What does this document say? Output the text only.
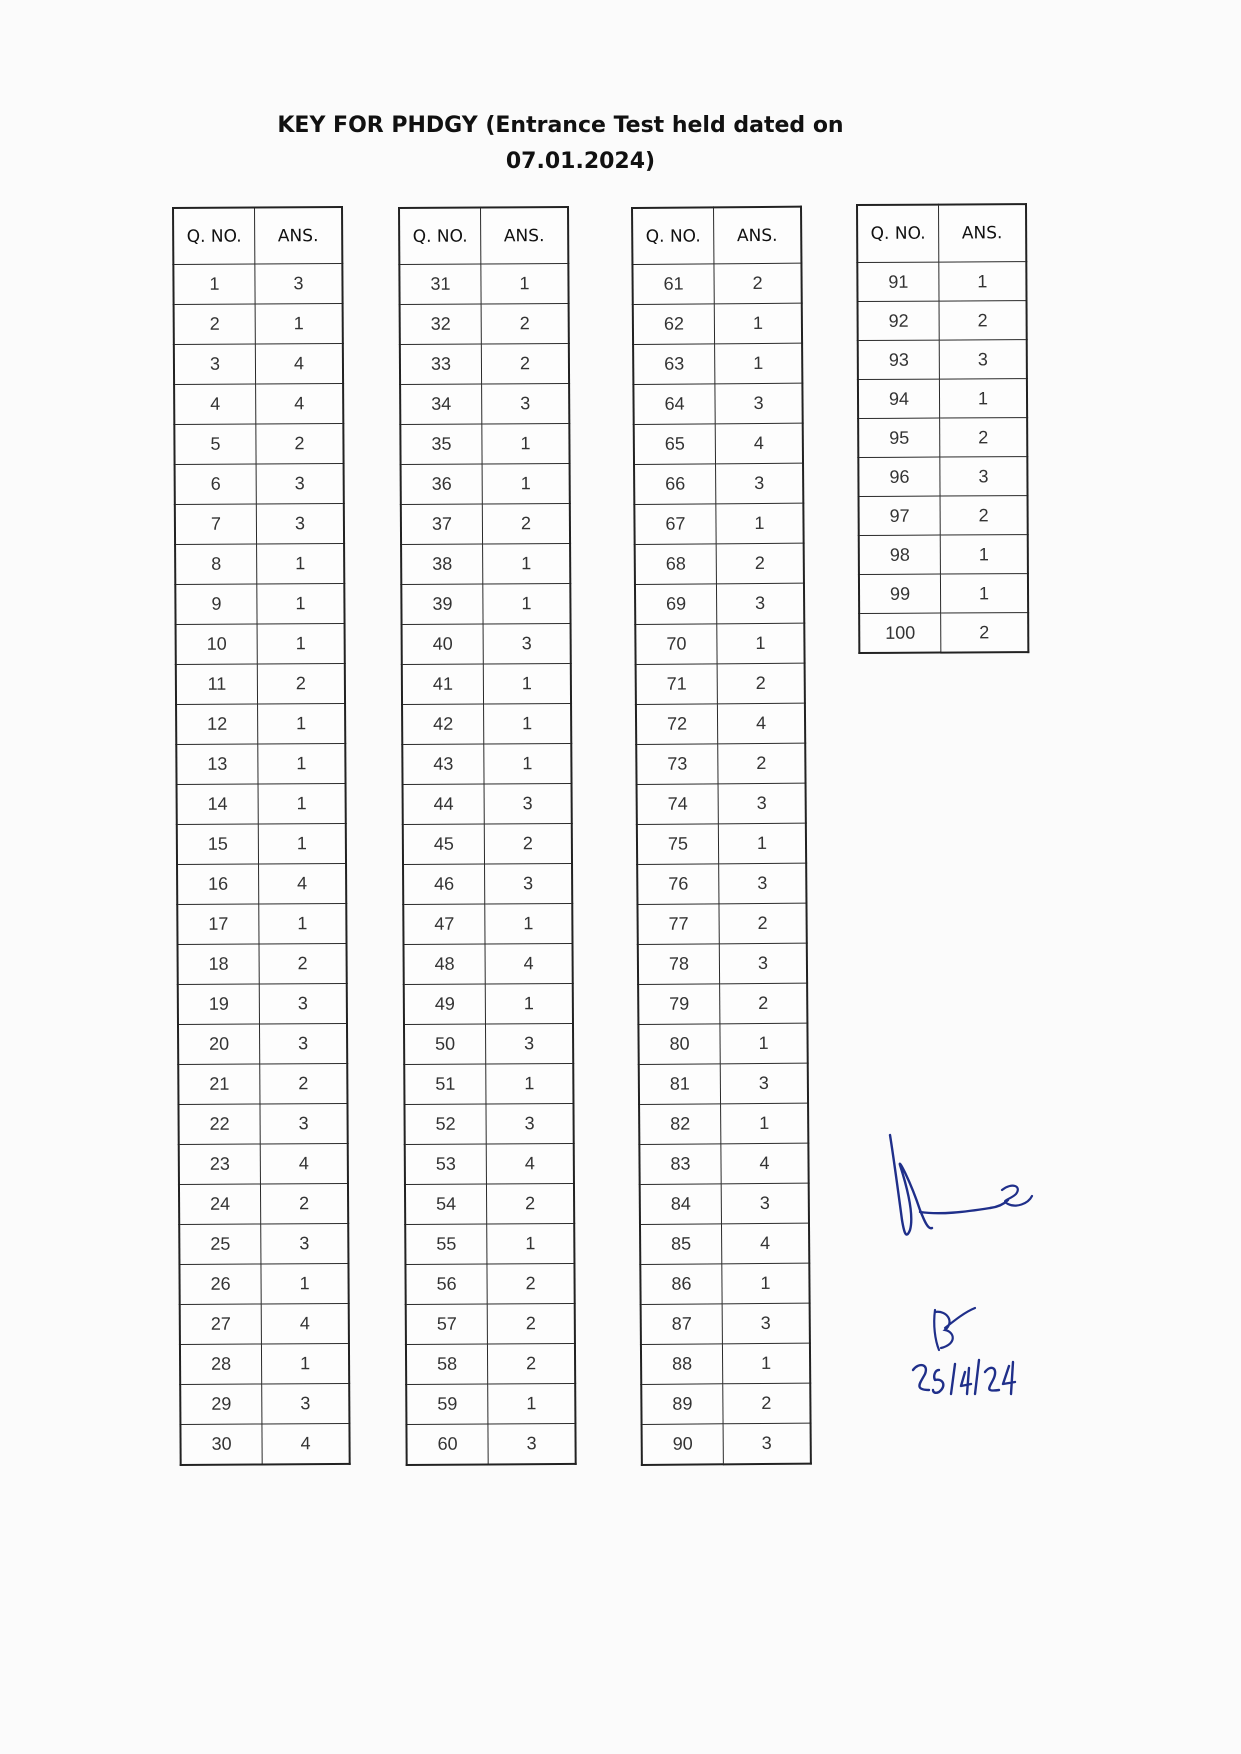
KEY FOR PHDGY (Entrance Test held dated on
07.01.2024)
Q. NO.	ANS.
1	3
2	1
3	4
4	4
5	2
6	3
7	3
8	1
9	1
10	1
11	2
12	1
13	1
14	1
15	1
16	4
17	1
18	2
19	3
20	3
21	2
22	3
23	4
24	2
25	3
26	1
27	4
28	1
29	3
30	4
Q. NO.	ANS.
31	1
32	2
33	2
34	3
35	1
36	1
37	2
38	1
39	1
40	3
41	1
42	1
43	1
44	3
45	2
46	3
47	1
48	4
49	1
50	3
51	1
52	3
53	4
54	2
55	1
56	2
57	2
58	2
59	1
60	3
Q. NO.	ANS.
61	2
62	1
63	1
64	3
65	4
66	3
67	1
68	2
69	3
70	1
71	2
72	4
73	2
74	3
75	1
76	3
77	2
78	3
79	2
80	1
81	3
82	1
83	4
84	3
85	4
86	1
87	3
88	1
89	2
90	3
Q. NO.	ANS.
91	1
92	2
93	3
94	1
95	2
96	3
97	2
98	1
99	1
100	2
